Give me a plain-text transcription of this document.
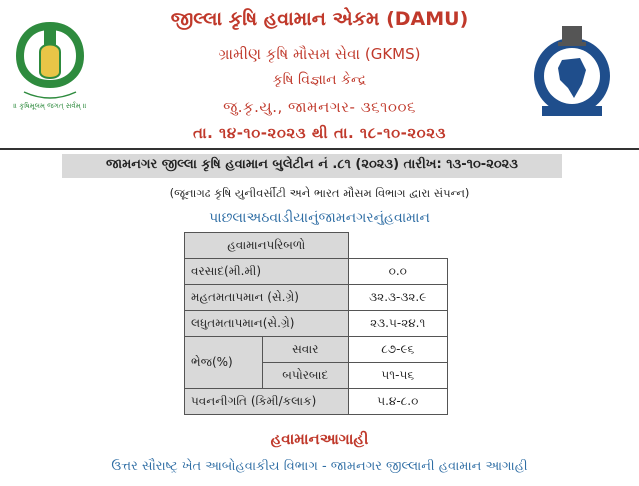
॥ કૃષિમૂલમ્ જગત્ સર્વમ્ ॥
જીલ્લા કૃષિ હવામાન એકમ (DAMU)
ગ્રામીણ કૃષિ મૌસમ સેવા (GKMS)
કૃષિ વિજ્ઞાન કેન્દ્ર
જુ.કૃ.યુ., જામનગર- ૩૬૧૦૦૬
તા. ૧૪-૧૦-૨૦૨૩ થી તા. ૧૮-૧૦-૨૦૨૩
જામનગર જીલ્લા કૃષિ હવામાન બુલેટીન નં .૮૧ (૨૦૨૩) તારીખ: ૧૩-૧૦-૨૦૨૩
(જૂનાગઢ કૃષિ યુનીવર્સીટી અને ભારત મૌસમ વિભાગ દ્વારા સંપન્ન)
પાછલાઅઠવાડીયાનુંજામનગરનુંહવામાન
હવામાનપરિબળો		
વરસાદ(મી.મી)		૦.૦
મહતમતાપમાન (સે.ગ્રે)		૩૨.૩-૩૨.૯
લધુતમતાપમાન(સે.ગ્રે)		૨૩.૫-૨૪.૧
ભેજ(%)	સવાર	૮૭-૯૬
	બપોરબાદ	૫૧-૫૬
પવનનીગતિ (કિમી/કલાક)		૫.૪-૮.૦
હવામાનઆગાહી
ઉત્તર સૌરાષ્ટ્ર ખેત આબોહવાકીય વિભાગ - જામનગર જીલ્લાની હવામાન આગાહી
